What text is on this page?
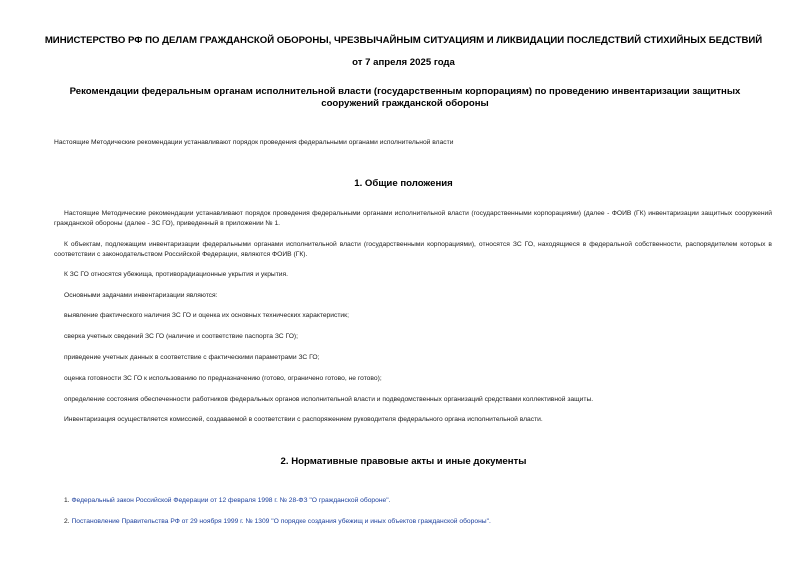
МИНИСТЕРСТВО РФ ПО ДЕЛАМ ГРАЖДАНСКОЙ ОБОРОНЫ, ЧРЕЗВЫЧАЙНЫМ СИТУАЦИЯМ И ЛИКВИДАЦИИ ПОСЛЕДСТВИЙ СТИХИЙНЫХ БЕДСТВИЙ
от 7 апреля 2025 года
Рекомендации федеральным органам исполнительной власти (государственным корпорациям) по проведению инвентаризации защитных сооружений гражданской обороны
Настоящие Методические рекомендации устанавливают порядок проведения федеральными органами исполнительной власти
1. Общие положения
Настоящие Методические рекомендации устанавливают порядок проведения федеральными органами исполнительной власти (государственными корпорациями) (далее - ФОИВ (ГК) инвентаризации защитных сооружений гражданской обороны (далее - ЗС ГО), приведенный в приложении № 1.
К объектам, подлежащим инвентаризации федеральными органами исполнительной власти (государственными корпорациями), относятся ЗС ГО, находящиеся в федеральной собственности, распорядителем которых в соответствии с законодательством Российской Федерации, являются ФОИВ (ГК).
К ЗС ГО относятся убежища, противорадиационные укрытия и укрытия.
Основными задачами инвентаризации являются:
выявление фактического наличия ЗС ГО и оценка их основных технических характеристик;
сверка учетных сведений ЗС ГО (наличие и соответствие паспорта ЗС ГО);
приведение учетных данных в соответствие с фактическими параметрами ЗС ГО;
оценка готовности ЗС ГО к использованию по предназначению (готово, ограничено готово, не готово);
определение состояния обеспеченности работников федеральных органов исполнительной власти и подведомственных организаций средствами коллективной защиты.
Инвентаризация осуществляется комиссией, создаваемой в соответствии с распоряжением руководителя федерального органа исполнительной власти.
2. Нормативные правовые акты и иные документы
1. Федеральный закон Российской Федерации от 12 февраля 1998 г. № 28-ФЗ "О гражданской обороне".
2. Постановление Правительства РФ от 29 ноября 1999 г. № 1309 "О порядке создания убежищ и иных объектов гражданской обороны".
